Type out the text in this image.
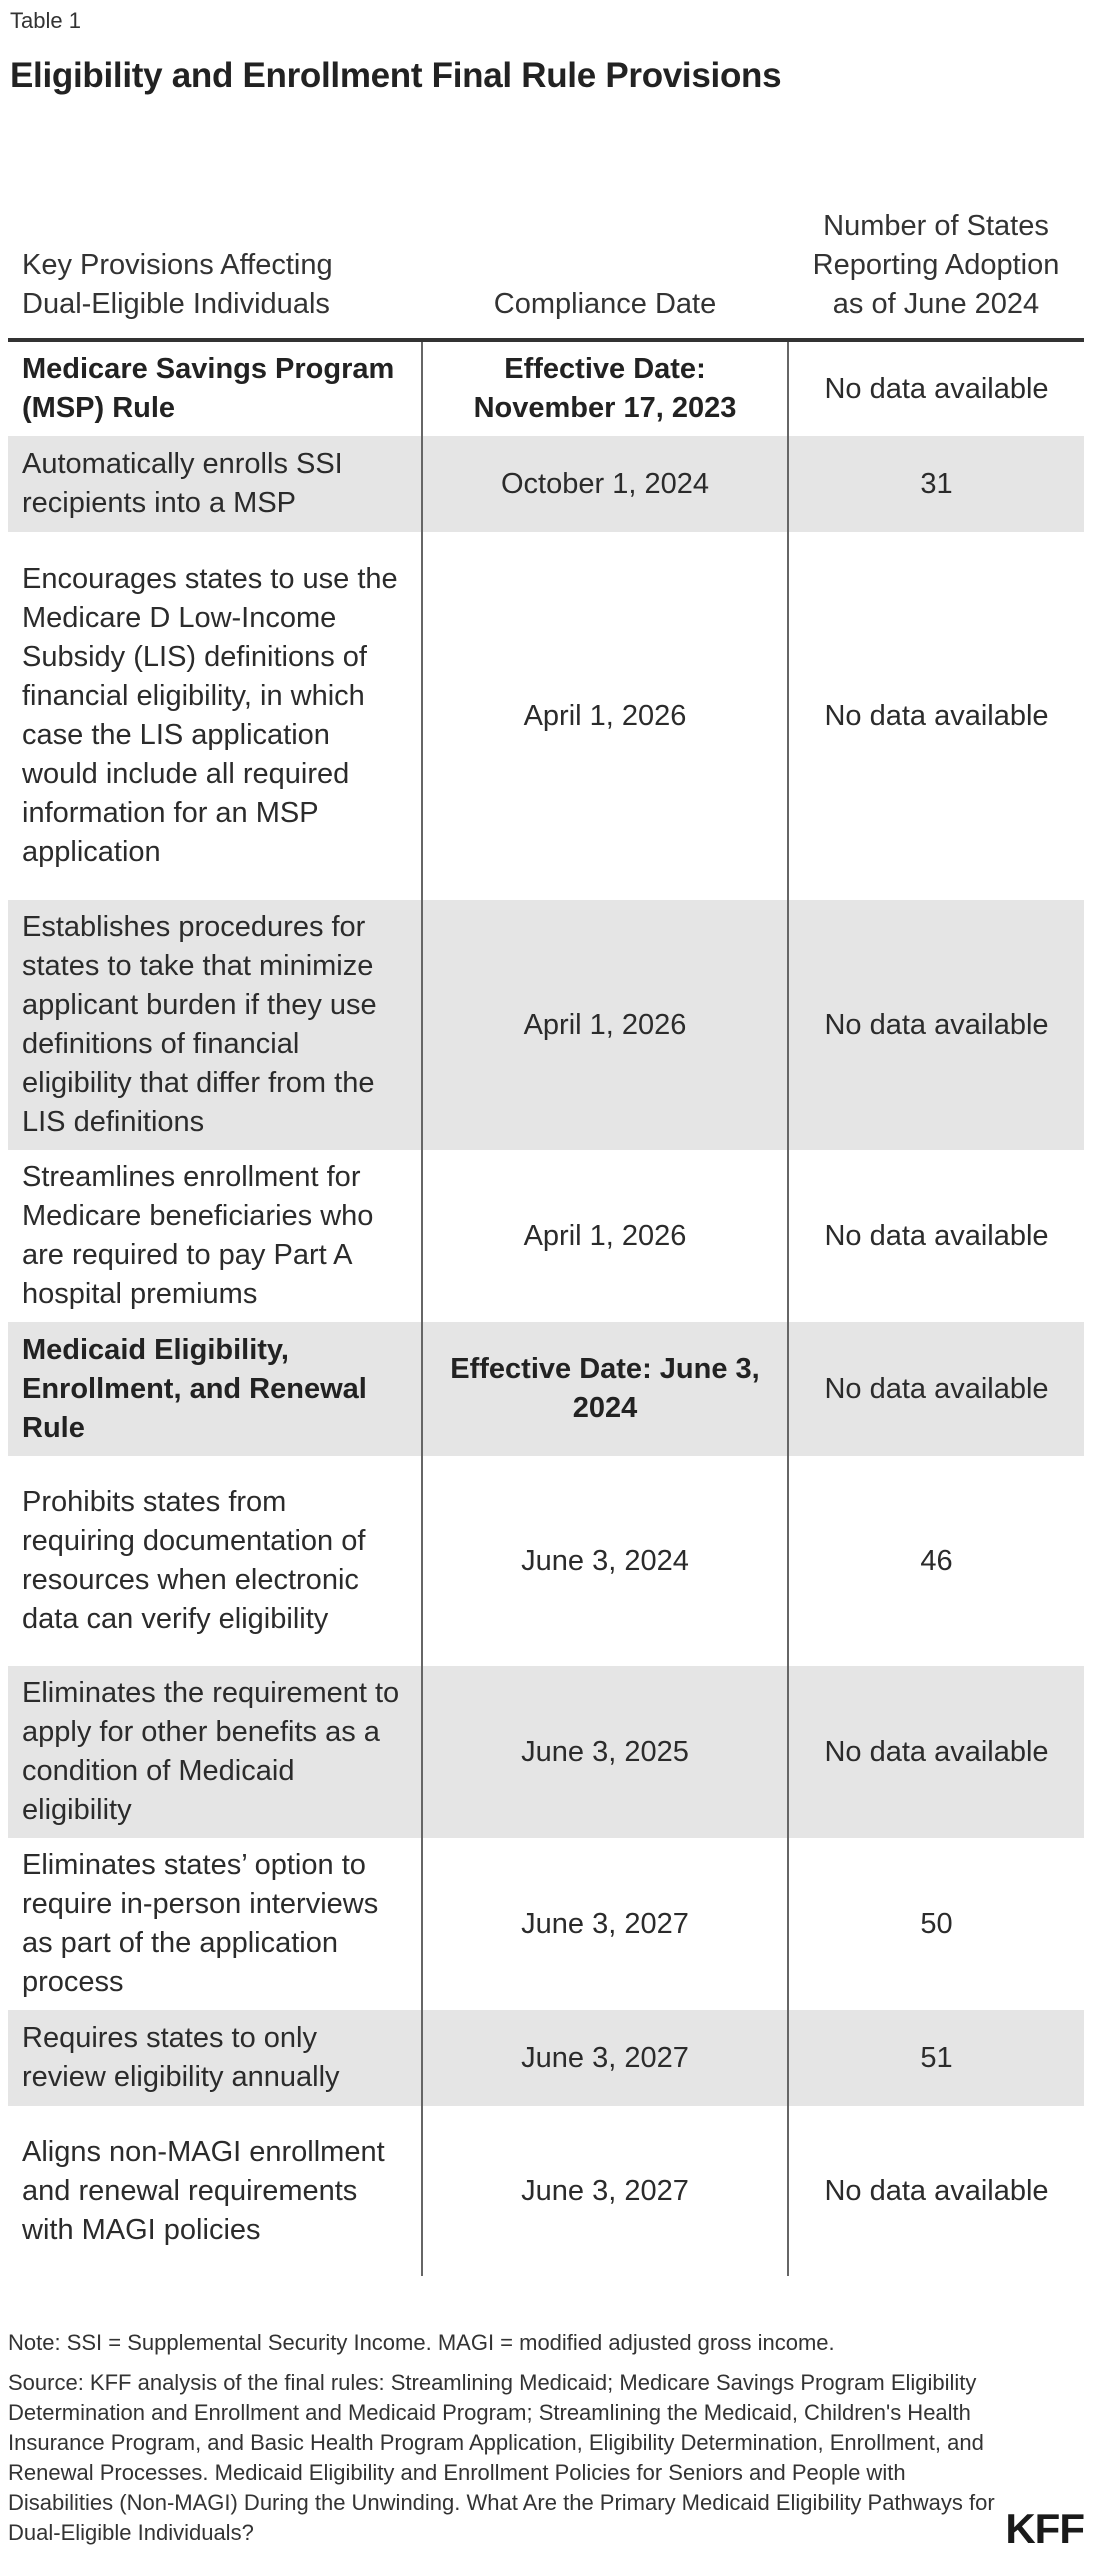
Table 1
Eligibility and Enrollment Final Rule Provisions
Key Provisions Affecting Dual-Eligible Individuals	Compliance Date	Number of States Reporting Adoption as of June 2024
Medicare Savings Program (MSP) Rule	Effective Date: November 17, 2023	No data available
Automatically enrolls SSI recipients into a MSP	October 1, 2024	31
Encourages states to use the Medicare D Low-Income Subsidy (LIS) definitions of financial eligibility, in which case the LIS application would include all required information for an MSP application	April 1, 2026	No data available
Establishes procedures for states to take that minimize applicant burden if they use definitions of financial eligibility that differ from the LIS definitions	April 1, 2026	No data available
Streamlines enrollment for Medicare beneficiaries who are required to pay Part A hospital premiums	April 1, 2026	No data available
Medicaid Eligibility, Enrollment, and Renewal Rule	Effective Date: June 3, 2024	No data available
Prohibits states from requiring documentation of resources when electronic data can verify eligibility	June 3, 2024	46
Eliminates the requirement to apply for other benefits as a condition of Medicaid eligibility	June 3, 2025	No data available
Eliminates states’ option to require in-person interviews as part of the application process	June 3, 2027	50
Requires states to only review eligibility annually	June 3, 2027	51
Aligns non-MAGI enrollment and renewal requirements with MAGI policies	June 3, 2027	No data available
Note: SSI = Supplemental Security Income. MAGI = modified adjusted gross income.
Source: KFF analysis of the final rules: Streamlining Medicaid; Medicare Savings Program Eligibility Determination and Enrollment and Medicaid Program; Streamlining the Medicaid, Children's Health Insurance Program, and Basic Health Program Application, Eligibility Determination, Enrollment, and Renewal Processes. Medicaid Eligibility and Enrollment Policies for Seniors and People with Disabilities (Non-MAGI) During the Unwinding. What Are the Primary Medicaid Eligibility Pathways for Dual-Eligible Individuals?	KFF
